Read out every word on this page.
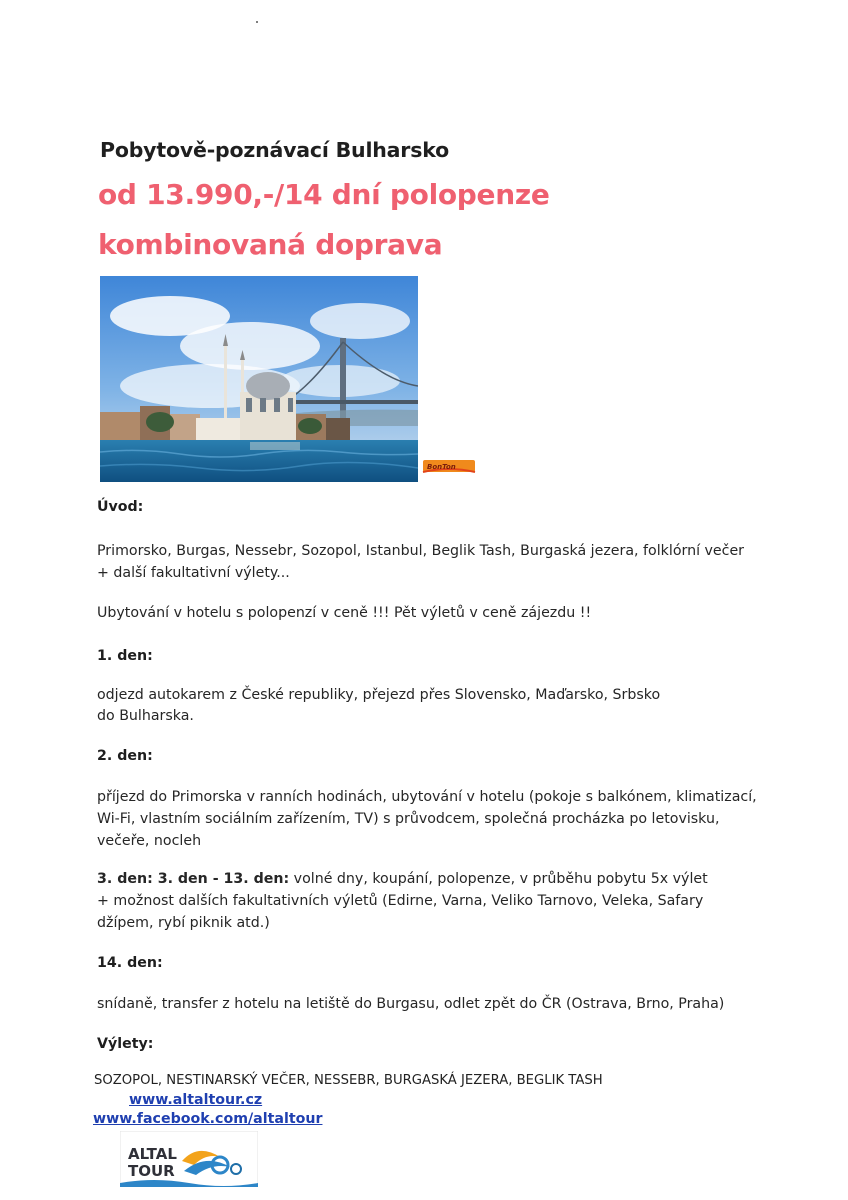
Pobytově-poznávací Bulharsko
od 13.990,-/14 dní polopenze
kombinovaná doprava
BonTon
Úvod:
Primorsko, Burgas, Nessebr, Sozopol, Istanbul, Beglik Tash, Burgaská jezera, folklórní večer
+ další fakultativní výlety...
Ubytování v hotelu s polopenzí v ceně !!! Pět výletů v ceně zájezdu !!
1. den:
odjezd autokarem z České republiky, přejezd přes Slovensko, Maďarsko, Srbsko
do Bulharska.
2. den:
příjezd do Primorska v ranních hodinách, ubytování v hotelu (pokoje s balkónem, klimatizací,
Wi-Fi, vlastním sociálním zařízením, TV) s průvodcem, společná procházka po letovisku,
večeře, nocleh
3. den: 3. den - 13. den: volné dny, koupání, polopenze, v průběhu pobytu 5x výlet
+ možnost dalších fakultativních výletů (Edirne, Varna, Veliko Tarnovo, Veleka, Safary
džípem, rybí piknik atd.)
14. den:
snídaně, transfer z hotelu na letiště do Burgasu, odlet zpět do ČR (Ostrava, Brno, Praha)
Výlety:
SOZOPOL, NESTINARSKÝ VEČER, NESSEBR, BURGASKÁ JEZERA, BEGLIK TASH
www.altaltour.cz
www.facebook.com/altaltour
ALTAL
TOUR
